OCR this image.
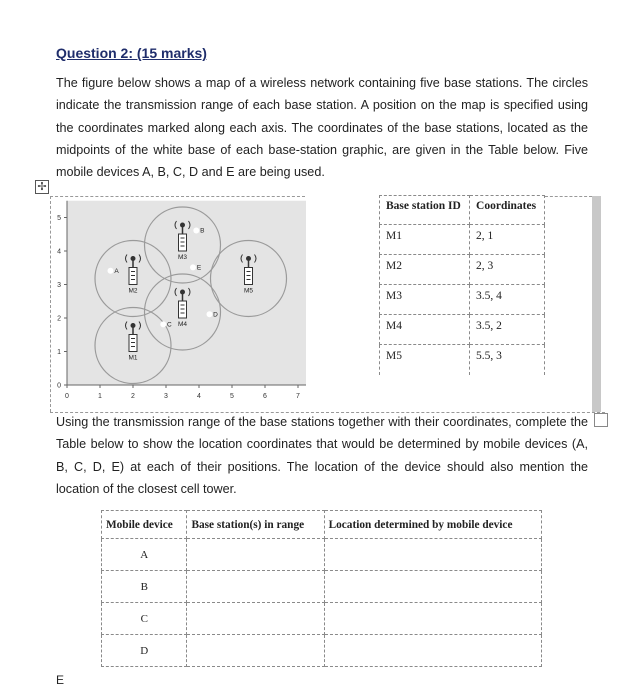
Question 2: (15 marks)

The figure below shows a map of a wireless network containing five base stations. The circles indicate the transmission range of each base station. A position on the map is specified using the coordinates marked along each axis. The coordinates of the base stations, located as the midpoints of the white base of each base-station graphic, are given in the Table below. Five mobile devices A, B, C, D and E are being used.

✢
0	1	2	3	4	5	6	7
0
1
2
3
4
5
M1
M2
M3
M4
M5
A
B
C
D
E
Base station ID	Coordinates
M1	2, 1
M2	2, 3
M3	3.5, 4
M4	3.5, 2
M5	5.5, 3

Using the transmission range of the base stations together with their coordinates, complete the Table below to show the location coordinates that would be determined by mobile devices (A, B, C, D, E) at each of their positions. The location of the device should also mention the location of the closest cell tower.

Mobile device	Base station(s) in range	Location determined by mobile device
A		
B		
C		
D		
E
